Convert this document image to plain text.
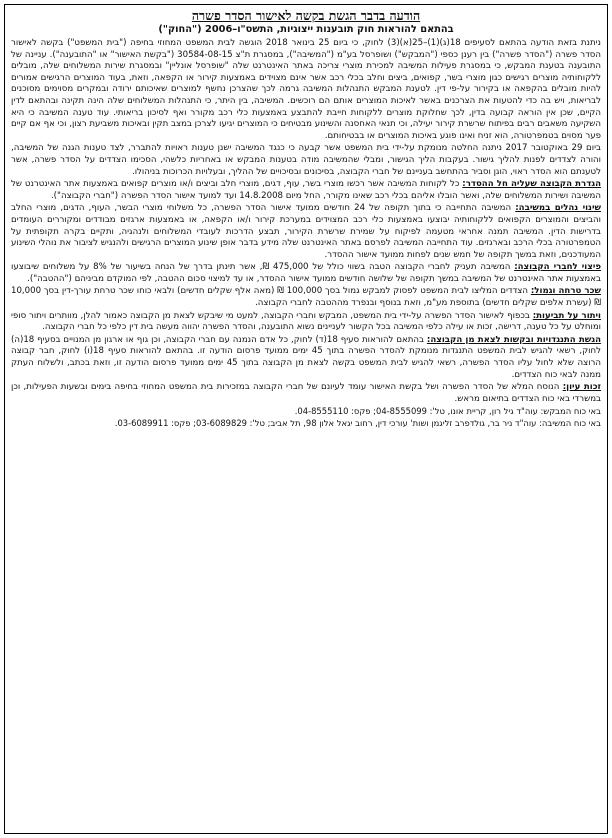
הודעה בדבר הגשת בקשה לאישור הסדר פשרה
בהתאם להוראות חוק תובענות ייצוגיות, התשס"ו–2006 ("החוק")

ניתנת בזאת הודעה בהתאם לסעיפים 18(ג)(1)–25(א)(3) לחוק, כי ביום 25 בינואר 2018 הוגשה לבית המשפט המחוזי בחיפה ("בית המשפט") בקשה לאישור הסדר פשרה ("הסדר פשרה") בין רענן כספי ("המבקש") ושופרסל בע"מ ("המשיבה"), במסגרת ת"צ 30584-08-15 ("בקשת האישור" או "התובענה"). עניינה של התובענה בטענת המבקש, כי במסגרת פעילות המשיבה למכירת מוצרי צריכה באתר האינטרנט שלה "שופרסל אונליין" ובמסגרת שירות המשלוחים שלה, מובלים ללקוחותיה מוצרים רגישים כגון מוצרי בשר, קפואים, ביצים וחלב בכלי רכב אשר אינם מצוידים באמצעות קירור או הקפאה, וזאת, בעוד המוצרים הרגישים אמורים להיות מובלים בהקפאה או בקירור על-פי דין. לטענת המבקש התנהלות המשיבה גרמה לכך שהצרכן נחשף למוצרים שאיכותם ירודה ובמקרים מסוימים מסוכנים לבריאות, ויש בה כדי להטעות את הצרכנים באשר לאיכות המוצרים אותם הם רוכשים. המשיבה, בין היתר, כי התנהלות המשלוחים שלה הינה תקינה ובהתאם לדין הקיים, שכן אין הוראה קבועה בדין, לכך שחלוקת מוצרים ללקוחות חייבת להתבצע באמצעות כלי רכב מקורר ואף לסיכון בריאותי. עוד טענה המשיבה כי היא השקיעה משאבים רבים בפיתוח שרשרת קירור יעילה, וכי תנאי האחסנה והשינוע מבטיחים כי המוצרים יגיעו לצרכן במצב תקין ובאיכות משביעת רצון, וכי אף אם קיים פער מסוים בטמפרטורה, הוא זניח ואינו פוגע באיכות המוצרים או בבטיחותם.

ביום 29 באוקטובר 2017 ניתנה החלטה מנומקת על-ידי בית המשפט אשר קבעה כי כנגד המשיבה ישנן טענות ראויות להתברר, לצד טענות הגנה של המשיבה, והורה לצדדים לפנות להליך גישור. בעקבות הליך הגישור, ומבלי שהמשיבה מודה בטענות המבקש או באחריות כלשהי, הסכימו הצדדים על הסדר פשרה, אשר לטענתם הוא הסדר ראוי, הוגן וסביר בהתחשב בעניינם של חברי הקבוצה, בסיכונים ובסיכויים של ההליך, ובעלויות הכרוכות בניהולו.

הגדרת הקבוצה שעליה חל ההסדר: כל לקוחות המשיבה אשר רכשו מוצרי בשר, עוף, דגים, מוצרי חלב וביצים ו/או מוצרים קפואים באמצעות אתר האינטרנט של המשיבה ושירות המשלוחים שלה, ואשר הובלו אליהם בכלי רכב שאינו מקורר, החל מיום 14.8.2008 ועד למועד אישור הסדר הפשרה ("חברי הקבוצה").

שינוי נהלים במשיבה: המשיבה התחייבה כי בתוך תקופה של 24 חודשים ממועד אישור הסדר הפשרה, כל משלוחי מוצרי הבשר, העוף, הדגים, מוצרי החלב והביצים והמוצרים הקפואים ללקוחותיה יבוצעו באמצעות כלי רכב המצוידים במערכת קירור ו/או הקפאה, או באמצעות ארגזים מבודדים ומקוררים העומדים בדרישות הדין. המשיבה תמנה אחראי מטעמה לפיקוח על שמירת שרשרת הקירור, תבצע הדרכות לעובדי המשלוחים ולנהגיה, ותקיים בקרה תקופתית על הטמפרטורה בכלי הרכב ובארגזים. עוד התחייבה המשיבה לפרסם באתר האינטרנט שלה מידע בדבר אופן שינוע המוצרים הרגישים ולהנגיש לציבור את נוהלי השינוע המעודכנים, וזאת במשך תקופה של חמש שנים לפחות ממועד אישור ההסדר.

פיצוי לחברי הקבוצה: המשיבה תעניק לחברי הקבוצה הטבה בשווי כולל של 475,000 ₪, אשר תינתן בדרך של הנחה בשיעור של 8% על משלוחים שיבוצעו באמצעות אתר האינטרנט של המשיבה במשך תקופה של שלושה חודשים ממועד אישור ההסדר, או עד למיצוי סכום ההטבה, לפי המוקדם מביניהם ("ההטבה").

שכר טרחה וגמול: הצדדים המליצו לבית המשפט לפסוק למבקש גמול בסך 100,000 ₪ (מאה אלף שקלים חדשים) ולבאי כוחו שכר טרחת עורך-דין בסך 10,000 ₪ (עשרת אלפים שקלים חדשים) בתוספת מע"מ, וזאת בנוסף ובנפרד מההטבה לחברי הקבוצה.

ויתור על תביעות: בכפוף לאישור הסדר הפשרה על-ידי בית המשפט, המבקש וחברי הקבוצה, למעט מי שיבקש לצאת מן הקבוצה כאמור להלן, מוותרים ויתור סופי ומוחלט על כל טענה, דרישה, זכות או עילה כלפי המשיבה בכל הקשור לעניינים נשוא התובענה, והסדר הפשרה יהווה מעשה בית דין כלפי כל חברי הקבוצה.

הגשת התנגדויות ובקשות לצאת מן הקבוצה: בהתאם להוראות סעיף 18(ד) לחוק, כל אדם הנמנה עם חברי הקבוצה, וכן גוף או ארגון מן המנויים בסעיף 18(ה) לחוק, רשאי להגיש לבית המשפט התנגדות מנומקת להסדר הפשרה בתוך 45 ימים ממועד פרסום הודעה זו. בהתאם להוראות סעיף 18(ו) לחוק, חבר קבוצה הרוצה שלא לחול עליו הסדר הפשרה, רשאי להגיש לבית המשפט בקשה לצאת מן הקבוצה בתוך 45 ימים ממועד פרסום הודעה זו, וזאת בכתב, ולשלוח העתק ממנה לבאי כוח הצדדים.

זכות עיון: הנוסח המלא של הסדר הפשרה ושל בקשת האישור עומד לעיונם של חברי הקבוצה במזכירות בית המשפט המחוזי בחיפה בימים ובשעות הפעילות, וכן במשרדי באי כוח הצדדים בתיאום מראש.

באי כוח המבקש: עוה"ד גיל רון, קריית אונו, טל': 04-8555099; פקס: 04-8555110.

באי כוח המשיבה: עוה"ד ניר בר, גולדפרב זליגמן ושות' עורכי דין, רחוב יגאל אלון 98, תל אביב; טל': 03-6089829; פקס: 03-6089911.
